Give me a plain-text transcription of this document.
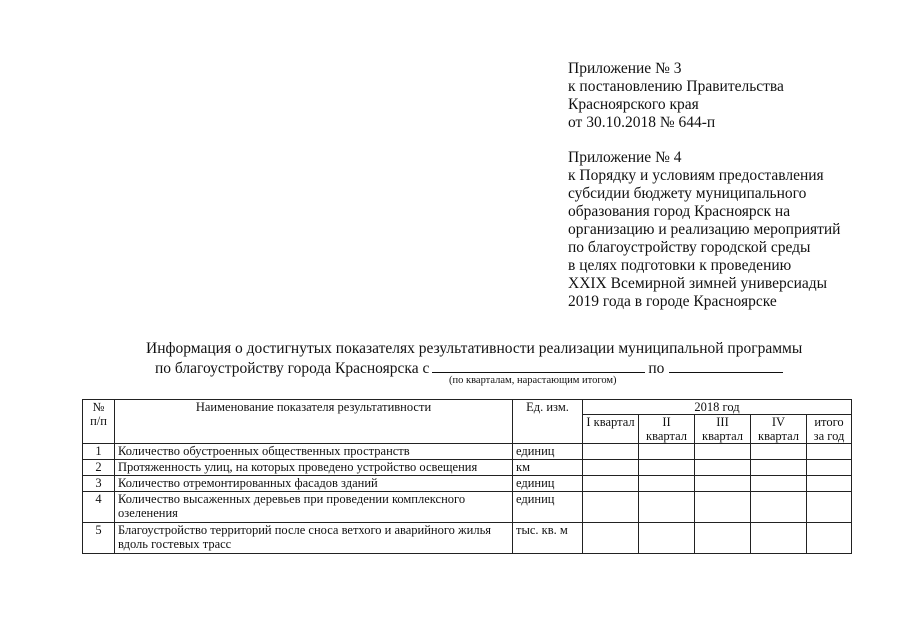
Приложение № 3
к постановлению Правительства
Красноярского края
от 30.10.2018 № 644-п
Приложение № 4
к Порядку и условиям предоставления
субсидии бюджету муниципального
образования город Красноярск на
организацию и реализацию мероприятий
по благоустройству городской среды
в целях подготовки к проведению
XXIX Всемирной зимней универсиады
2019 года в городе Красноярске
Информация о достигнутых показателях результативности реализации муниципальной программы
по благоустройству города Красноярска с	по
(по кварталам, нарастающим итогом)
№ п/п	Наименование показателя результативности	Ед. изм.	2018 год				
			I квартал	II квартал	III квартал	IV квартал	итого за год
1	Количество обустроенных общественных пространств	единиц					
2	Протяженность улиц, на которых проведено устройство освещения	км					
3	Количество отремонтированных фасадов зданий	единиц					
4	Количество высаженных деревьев при проведении комплексного озеленения	единиц					
5	Благоустройство территорий после сноса ветхого и аварийного жилья вдоль гостевых трасс	тыс. кв. м					
